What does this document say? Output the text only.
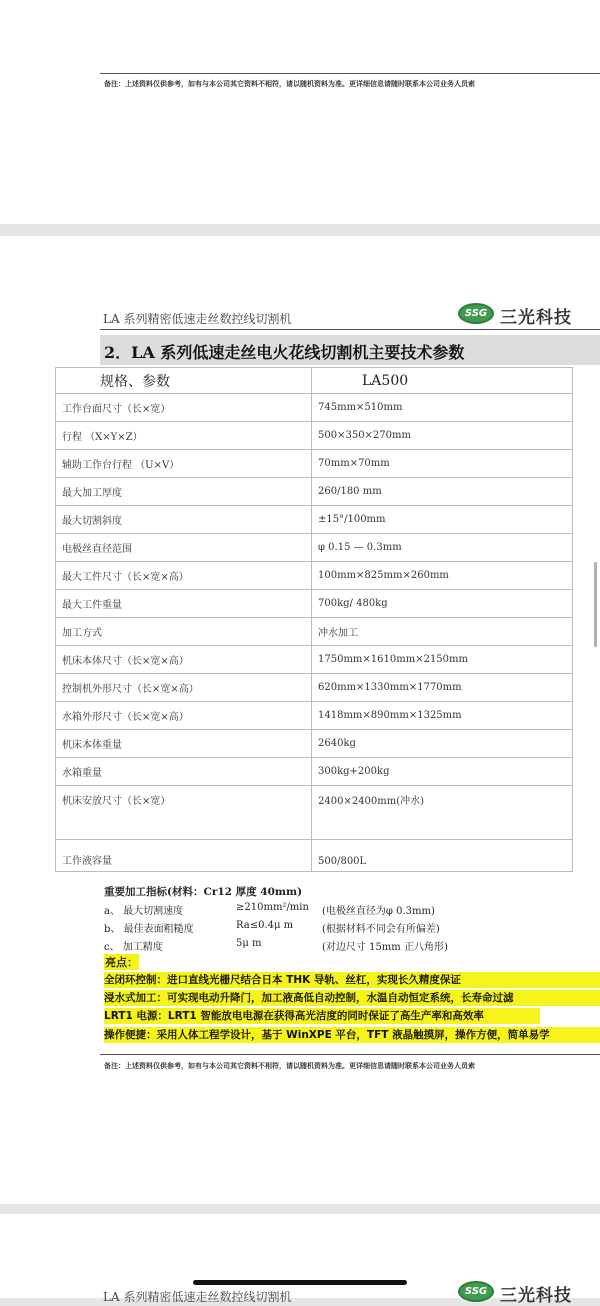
备注：上述资料仅供参考，如有与本公司其它资料不相符，请以随机资料为准。更详细信息请随时联系本公司业务人员索
LA 系列精密低速走丝数控线切割机	SSG 三光科技
2．LA 系列低速走丝电火花线切割机主要技术参数
规格、参数	LA500
工作台面尺寸（长×宽）	745mm×510mm
行程 （X×Y×Z）	500×350×270mm
辅助工作台行程 （U×V）	70mm×70mm
最大加工厚度	260/180 mm
最大切割斜度	±15°/100mm
电极丝直径范围	φ 0.15 — 0.3mm
最大工件尺寸（长×宽×高）	100mm×825mm×260mm
最大工件重量	700kg/ 480kg
加工方式	冲水加工
机床本体尺寸（长×宽×高）	1750mm×1610mm×2150mm
控制机外形尺寸（长×宽×高）	620mm×1330mm×1770mm
水箱外形尺寸（长×宽×高）	1418mm×890mm×1325mm
机床本体重量	2640kg
水箱重量	300kg+200kg
机床安放尺寸（长×宽）	2400×2400mm(冲水)
工作液容量	500/800L
重要加工指标(材料：Cr12 厚度 40mm)
a、 最大切割速度	≥210mm²/min (电极丝直径为φ 0.3mm)
b、 最佳表面粗糙度	Ra≤0.4μ m	(根据材料不同会有所偏差)
c、 加工精度	5μ m	(对边尺寸 15mm 正八角形)
亮点：
全闭环控制：进口直线光栅尺结合日本 THK 导轨、丝杠，实现长久精度保证
浸水式加工：可实现电动升降门，加工液高低自动控制，水温自动恒定系统，长寿命过滤
LRT1 电源：LRT1 智能放电电源在获得高光洁度的同时保证了高生产率和高效率
操作便捷：采用人体工程学设计，基于 WinXPE 平台，TFT 液晶触摸屏，操作方便，简单易学
备注：上述资料仅供参考，如有与本公司其它资料不相符，请以随机资料为准。更详细信息请随时联系本公司业务人员索
LA 系列精密低速走丝数控线切割机	SSG 三光科技
